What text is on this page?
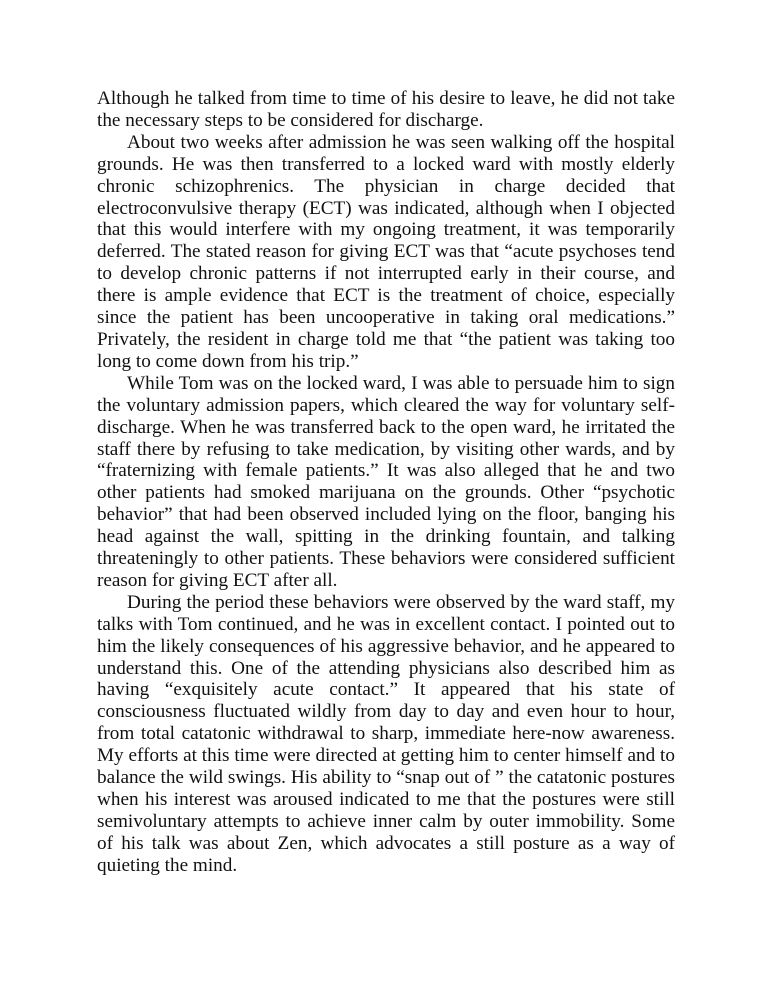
Although he talked from time to time of his desire to leave, he did not take the necessary steps to be considered for discharge.

About two weeks after admission he was seen walking off the hospital grounds. He was then transferred to a locked ward with mostly elderly chronic schizophrenics. The physician in charge decided that electroconvulsive therapy (ECT) was indicated, although when I objected that this would interfere with my ongoing treatment, it was temporarily deferred. The stated reason for giving ECT was that “acute psychoses tend to develop chronic patterns if not interrupted early in their course, and there is ample evidence that ECT is the treatment of choice, especially since the patient has been uncooperative in taking oral medications.” Privately, the resident in charge told me that “the patient was taking too long to come down from his trip.”

While Tom was on the locked ward, I was able to persuade him to sign the voluntary admission papers, which cleared the way for voluntary self-discharge. When he was transferred back to the open ward, he irritated the staff there by refusing to take medication, by visiting other wards, and by “fraternizing with female patients.” It was also alleged that he and two other patients had smoked marijuana on the grounds. Other “psychotic behavior” that had been observed included lying on the floor, banging his head against the wall, spitting in the drinking fountain, and talking threateningly to other patients. These behaviors were considered sufficient reason for giving ECT after all.

During the period these behaviors were observed by the ward staff, my talks with Tom continued, and he was in excellent contact. I pointed out to him the likely consequences of his aggressive behavior, and he appeared to understand this. One of the attending physicians also described him as having “exquisitely acute contact.” It appeared that his state of consciousness fluctuated wildly from day to day and even hour to hour, from total catatonic withdrawal to sharp, immediate here-now awareness. My efforts at this time were directed at getting him to center himself and to balance the wild swings. His ability to “snap out of ” the catatonic postures when his interest was aroused indicated to me that the postures were still semivoluntary attempts to achieve inner calm by outer immobility. Some of his talk was about Zen, which advocates a still posture as a way of quieting the mind.
